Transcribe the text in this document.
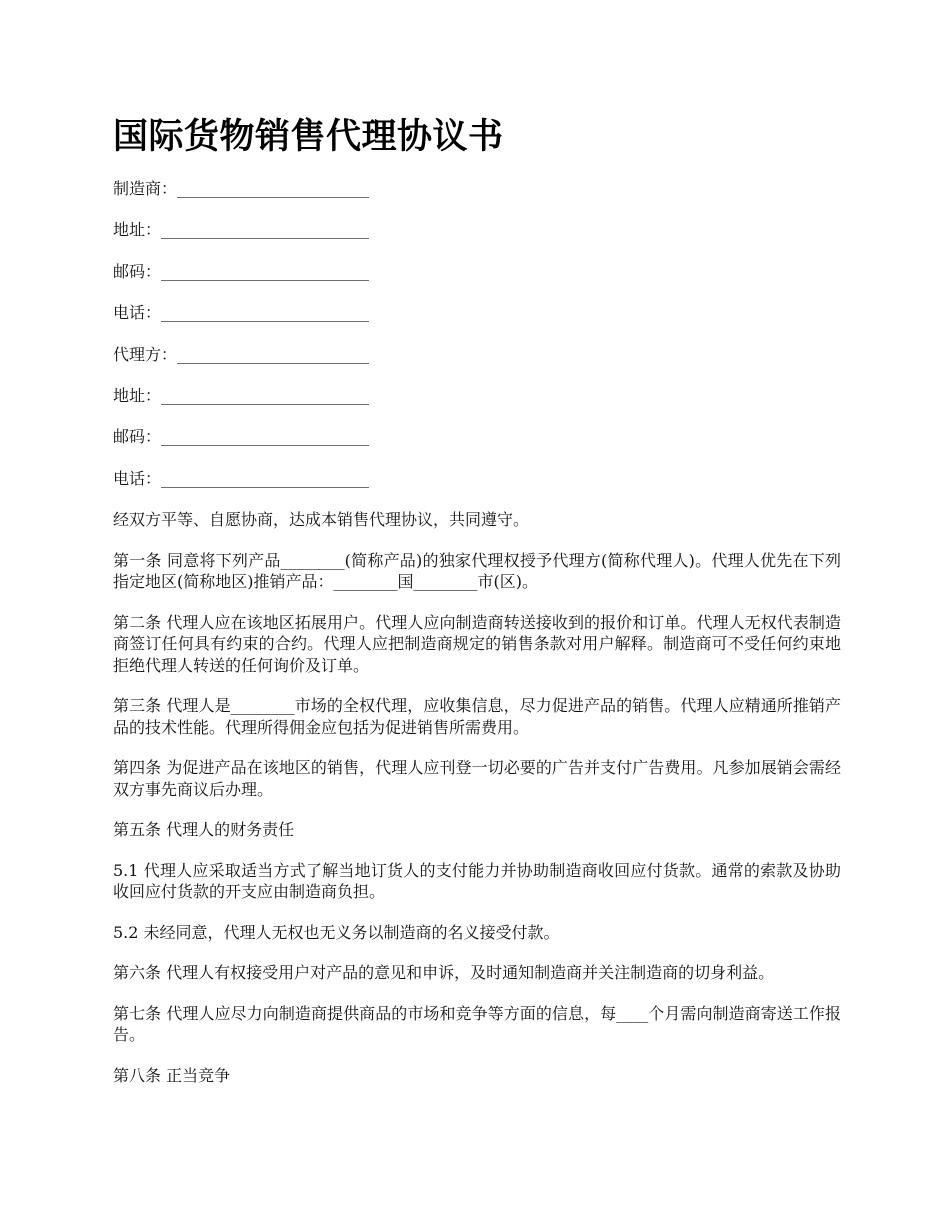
国际货物销售代理协议书
制造商：________________________
地址：__________________________
邮码：__________________________
电话：__________________________
代理方：________________________
地址：__________________________
邮码：__________________________
电话：__________________________

经双方平等、自愿协商，达成本销售代理协议，共同遵守。

第一条 同意将下列产品________(简称产品)的独家代理权授予代理方(简称代理人)。代理人优先在下列指定地区(简称地区)推销产品：________国________市(区)。

第二条 代理人应在该地区拓展用户。代理人应向制造商转送接收到的报价和订单。代理人无权代表制造商签订任何具有约束的合约。代理人应把制造商规定的销售条款对用户解释。制造商可不受任何约束地拒绝代理人转送的任何询价及订单。

第三条 代理人是________市场的全权代理，应收集信息，尽力促进产品的销售。代理人应精通所推销产品的技术性能。代理所得佣金应包括为促进销售所需费用。

第四条 为促进产品在该地区的销售，代理人应刊登一切必要的广告并支付广告费用。凡参加展销会需经双方事先商议后办理。

第五条 代理人的财务责任

5.1 代理人应采取适当方式了解当地订货人的支付能力并协助制造商收回应付货款。通常的索款及协助收回应付货款的开支应由制造商负担。

5.2 未经同意，代理人无权也无义务以制造商的名义接受付款。

第六条 代理人有权接受用户对产品的意见和申诉，及时通知制造商并关注制造商的切身利益。

第七条 代理人应尽力向制造商提供商品的市场和竞争等方面的信息，每____个月需向制造商寄送工作报告。

第八条 正当竞争
